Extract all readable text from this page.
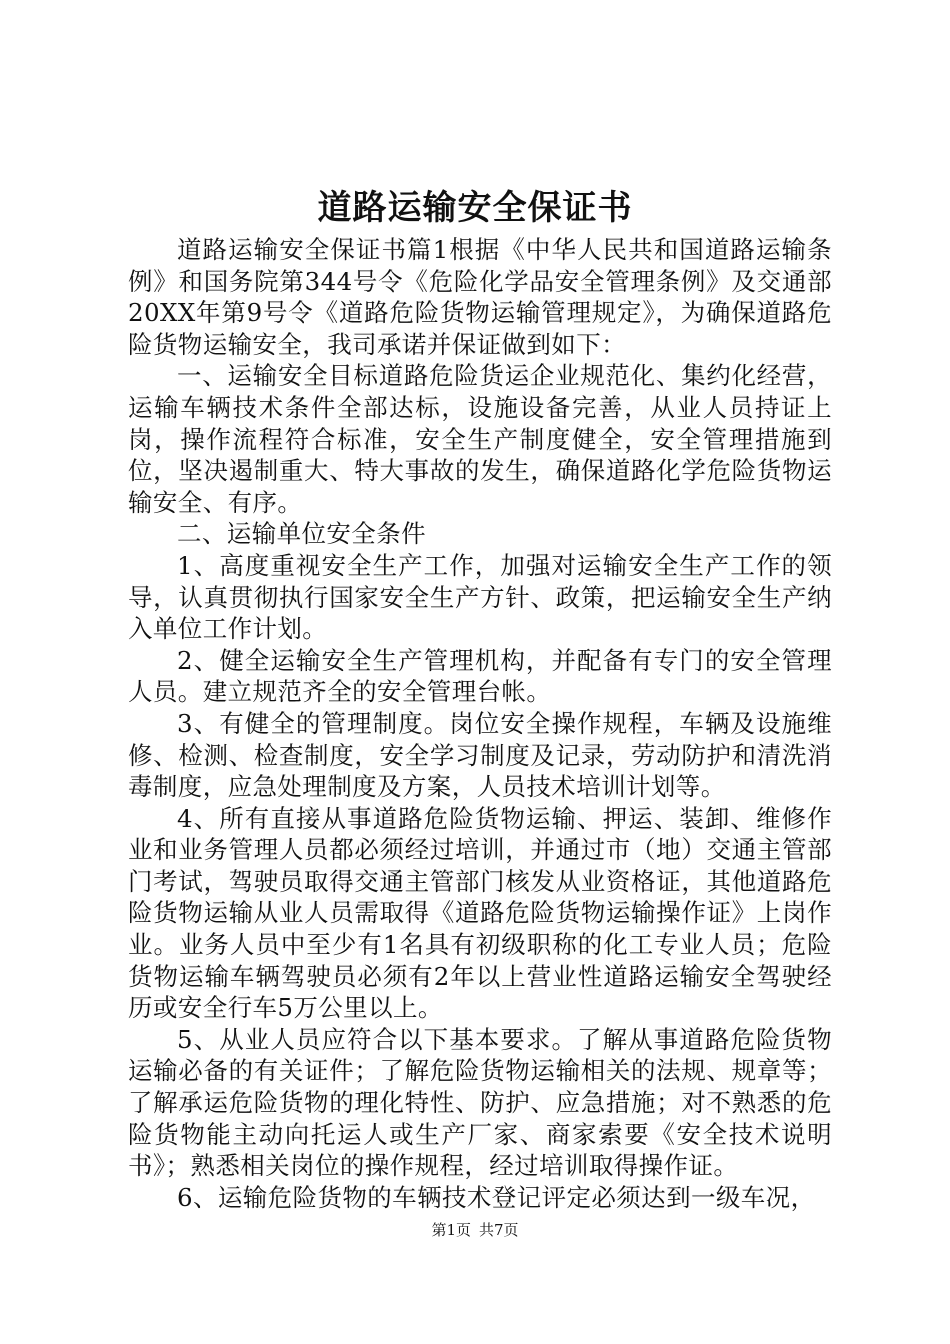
道路运输安全保证书

道路运输安全保证书篇1根据《中华人民共和国道路运输条例》和国务院第344号令《危险化学品安全管理条例》及交通部20XX年第9号令《道路危险货物运输管理规定》，为确保道路危险货物运输安全，我司承诺并保证做到如下：

一、运输安全目标道路危险货运企业规范化、集约化经营，运输车辆技术条件全部达标，设施设备完善，从业人员持证上岗，操作流程符合标准，安全生产制度健全，安全管理措施到位，坚决遏制重大、特大事故的发生，确保道路化学危险货物运输安全、有序。

二、运输单位安全条件

1、高度重视安全生产工作，加强对运输安全生产工作的领导，认真贯彻执行国家安全生产方针、政策，把运输安全生产纳入单位工作计划。

2、健全运输安全生产管理机构，并配备有专门的安全管理人员。建立规范齐全的安全管理台帐。

3、有健全的管理制度。岗位安全操作规程，车辆及设施维修、检测、检查制度，安全学习制度及记录，劳动防护和清洗消毒制度，应急处理制度及方案，人员技术培训计划等。

4、所有直接从事道路危险货物运输、押运、装卸、维修作业和业务管理人员都必须经过培训，并通过市（地）交通主管部门考试，驾驶员取得交通主管部门核发从业资格证，其他道路危险货物运输从业人员需取得《道路危险货物运输操作证》上岗作业。业务人员中至少有1名具有初级职称的化工专业人员；危险货物运输车辆驾驶员必须有2年以上营业性道路运输安全驾驶经历或安全行车5万公里以上。

5、从业人员应符合以下基本要求。了解从事道路危险货物运输必备的有关证件；了解危险货物运输相关的法规、规章等；了解承运危险货物的理化特性、防护、应急措施；对不熟悉的危险货物能主动向托运人或生产厂家、商家索要《安全技术说明书》；熟悉相关岗位的操作规程，经过培训取得操作证。

6、运输危险货物的车辆技术登记评定必须达到一级车况，

第1页 共7页
